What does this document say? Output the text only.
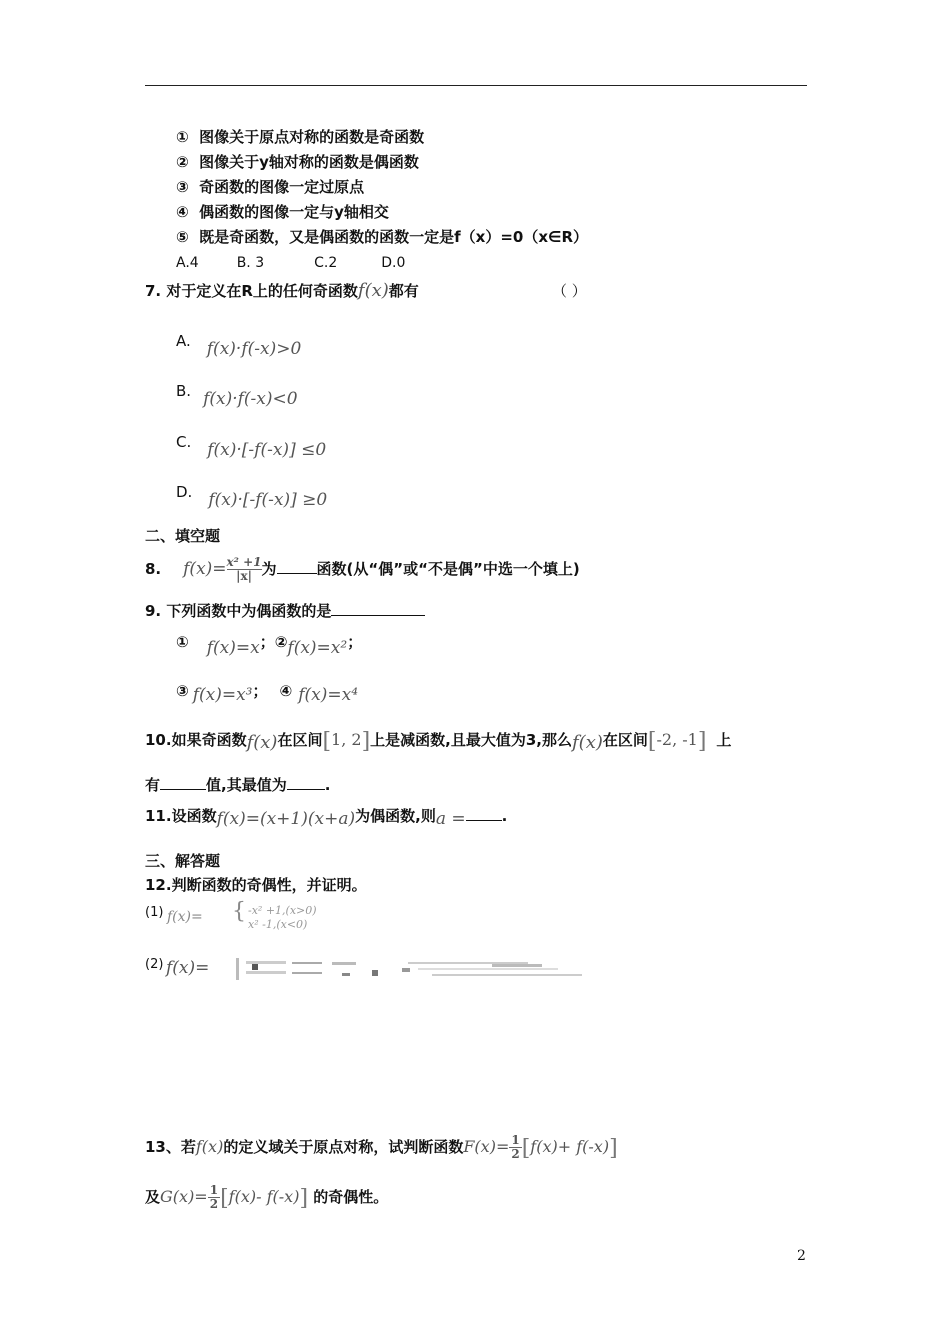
① 图像关于原点对称的函数是奇函数
② 图像关于y轴对称的函数是偶函数
③ 奇函数的图像一定过原点
④ 偶函数的图像一定与y轴相交
⑤ 既是奇函数，又是偶函数的函数一定是f（x）=0（x∈R）
A.4	B. 3	C.2	D.0
7. 对于定义在R上的任何奇函数f(x)都有	（ ）
A. f(x)·f(-x)>0
B. f(x)·f(-x)<0
C. f(x)·[-f(-x)] ≤0
D. f(x)·[-f(-x)] ≥0
二、填空题
8. $f(x)= \frac{\text{x² +1}}{|x|}$ 为	函数(从“偶”或“不是偶”中选一个填上)
9. 下列函数中为偶函数的是
① f(x)=x；②f(x)=x²；
③ f(x)=x³； ④ f(x)=x⁴
10.如果奇函数f(x)在区间[1, 2]上是减函数,且最大值为3,那么f(x)在区间[-2, -1] 上
有	值,其最值为	.
11.设函数f(x)=(x+1)(x+a)为偶函数,则a = .
三、解答题
12.判断函数的奇偶性，并证明。
(1) f(x)= { -x² +1,(x>0)
x² -1,(x<0)
(2) f(x)=
13、若f(x)的定义域关于原点对称，试判断函数$F(x)= \frac{1}{2} [f(x)+ f(-x)]$
及$G(x)= \frac{1}{2} [f(x)-$ f(-x)] 的奇偶性。
2
